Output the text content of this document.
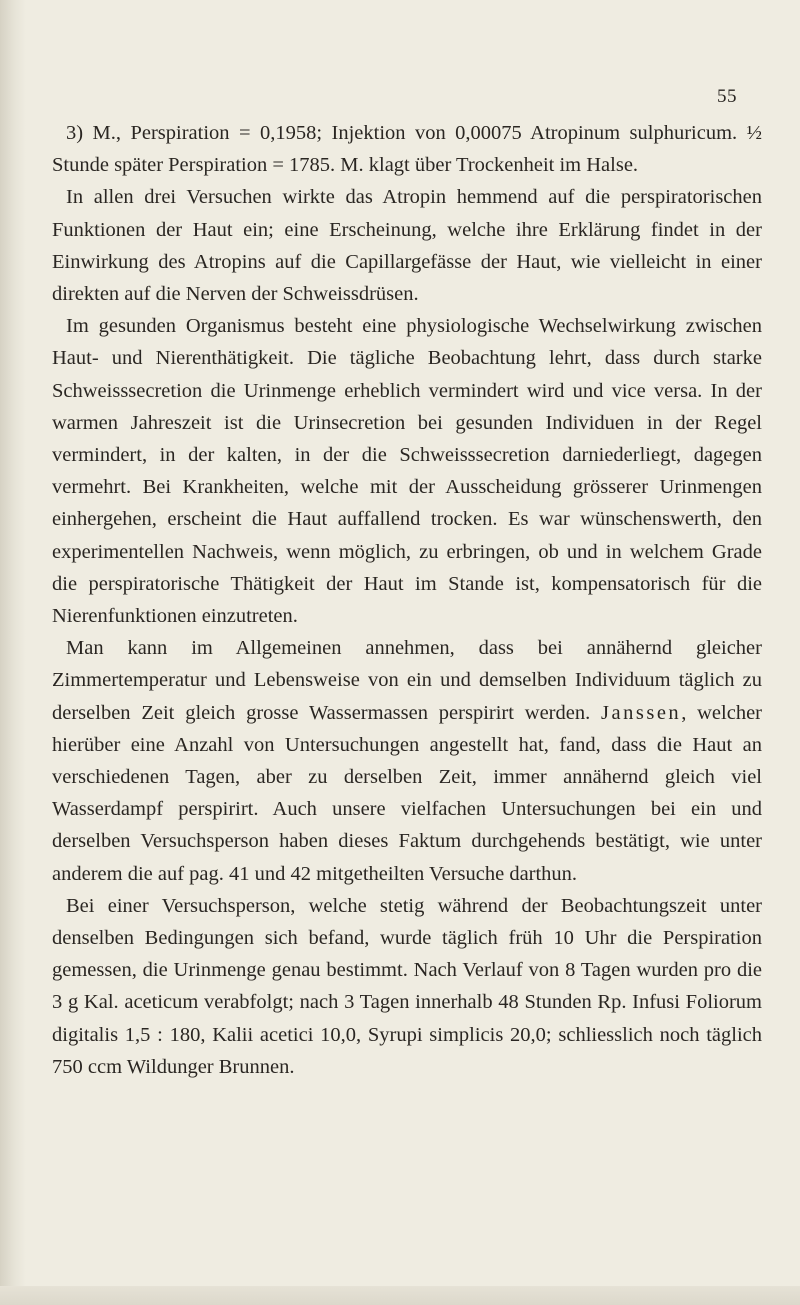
55

3) M., Perspiration = 0,1958; Injektion von 0,00075 Atropinum sulphuricum. ½ Stunde später Perspiration = 1785. M. klagt über Trockenheit im Halse.

In allen drei Versuchen wirkte das Atropin hemmend auf die perspiratorischen Funktionen der Haut ein; eine Erscheinung, welche ihre Erklärung findet in der Einwirkung des Atropins auf die Capillargefässe der Haut, wie vielleicht in einer direkten auf die Nerven der Schweissdrüsen.

Im gesunden Organismus besteht eine physiologische Wechselwirkung zwischen Haut- und Nierenthätigkeit. Die tägliche Beobachtung lehrt, dass durch starke Schweisssecretion die Urinmenge erheblich vermindert wird und vice versa. In der warmen Jahreszeit ist die Urinsecretion bei gesunden Individuen in der Regel vermindert, in der kalten, in der die Schweisssecretion darniederliegt, dagegen vermehrt. Bei Krankheiten, welche mit der Ausscheidung grösserer Urinmengen einhergehen, erscheint die Haut auffallend trocken. Es war wünschenswerth, den experimentellen Nachweis, wenn möglich, zu erbringen, ob und in welchem Grade die perspiratorische Thätigkeit der Haut im Stande ist, kompensatorisch für die Nierenfunktionen einzutreten.

Man kann im Allgemeinen annehmen, dass bei annähernd gleicher Zimmertemperatur und Lebensweise von ein und demselben Individuum täglich zu derselben Zeit gleich grosse Wassermassen perspirirt werden. Janssen, welcher hierüber eine Anzahl von Untersuchungen angestellt hat, fand, dass die Haut an verschiedenen Tagen, aber zu derselben Zeit, immer annähernd gleich viel Wasserdampf perspirirt. Auch unsere vielfachen Untersuchungen bei ein und derselben Versuchsperson haben dieses Faktum durchgehends bestätigt, wie unter anderem die auf pag. 41 und 42 mitgetheilten Versuche darthun.

Bei einer Versuchsperson, welche stetig während der Beobachtungszeit unter denselben Bedingungen sich befand, wurde täglich früh 10 Uhr die Perspiration gemessen, die Urinmenge genau bestimmt. Nach Verlauf von 8 Tagen wurden pro die 3 g Kal. aceticum verabfolgt; nach 3 Tagen innerhalb 48 Stunden Rp. Infusi Foliorum digitalis 1,5 : 180, Kalii acetici 10,0, Syrupi simplicis 20,0; schliesslich noch täglich 750 ccm Wildunger Brunnen.
